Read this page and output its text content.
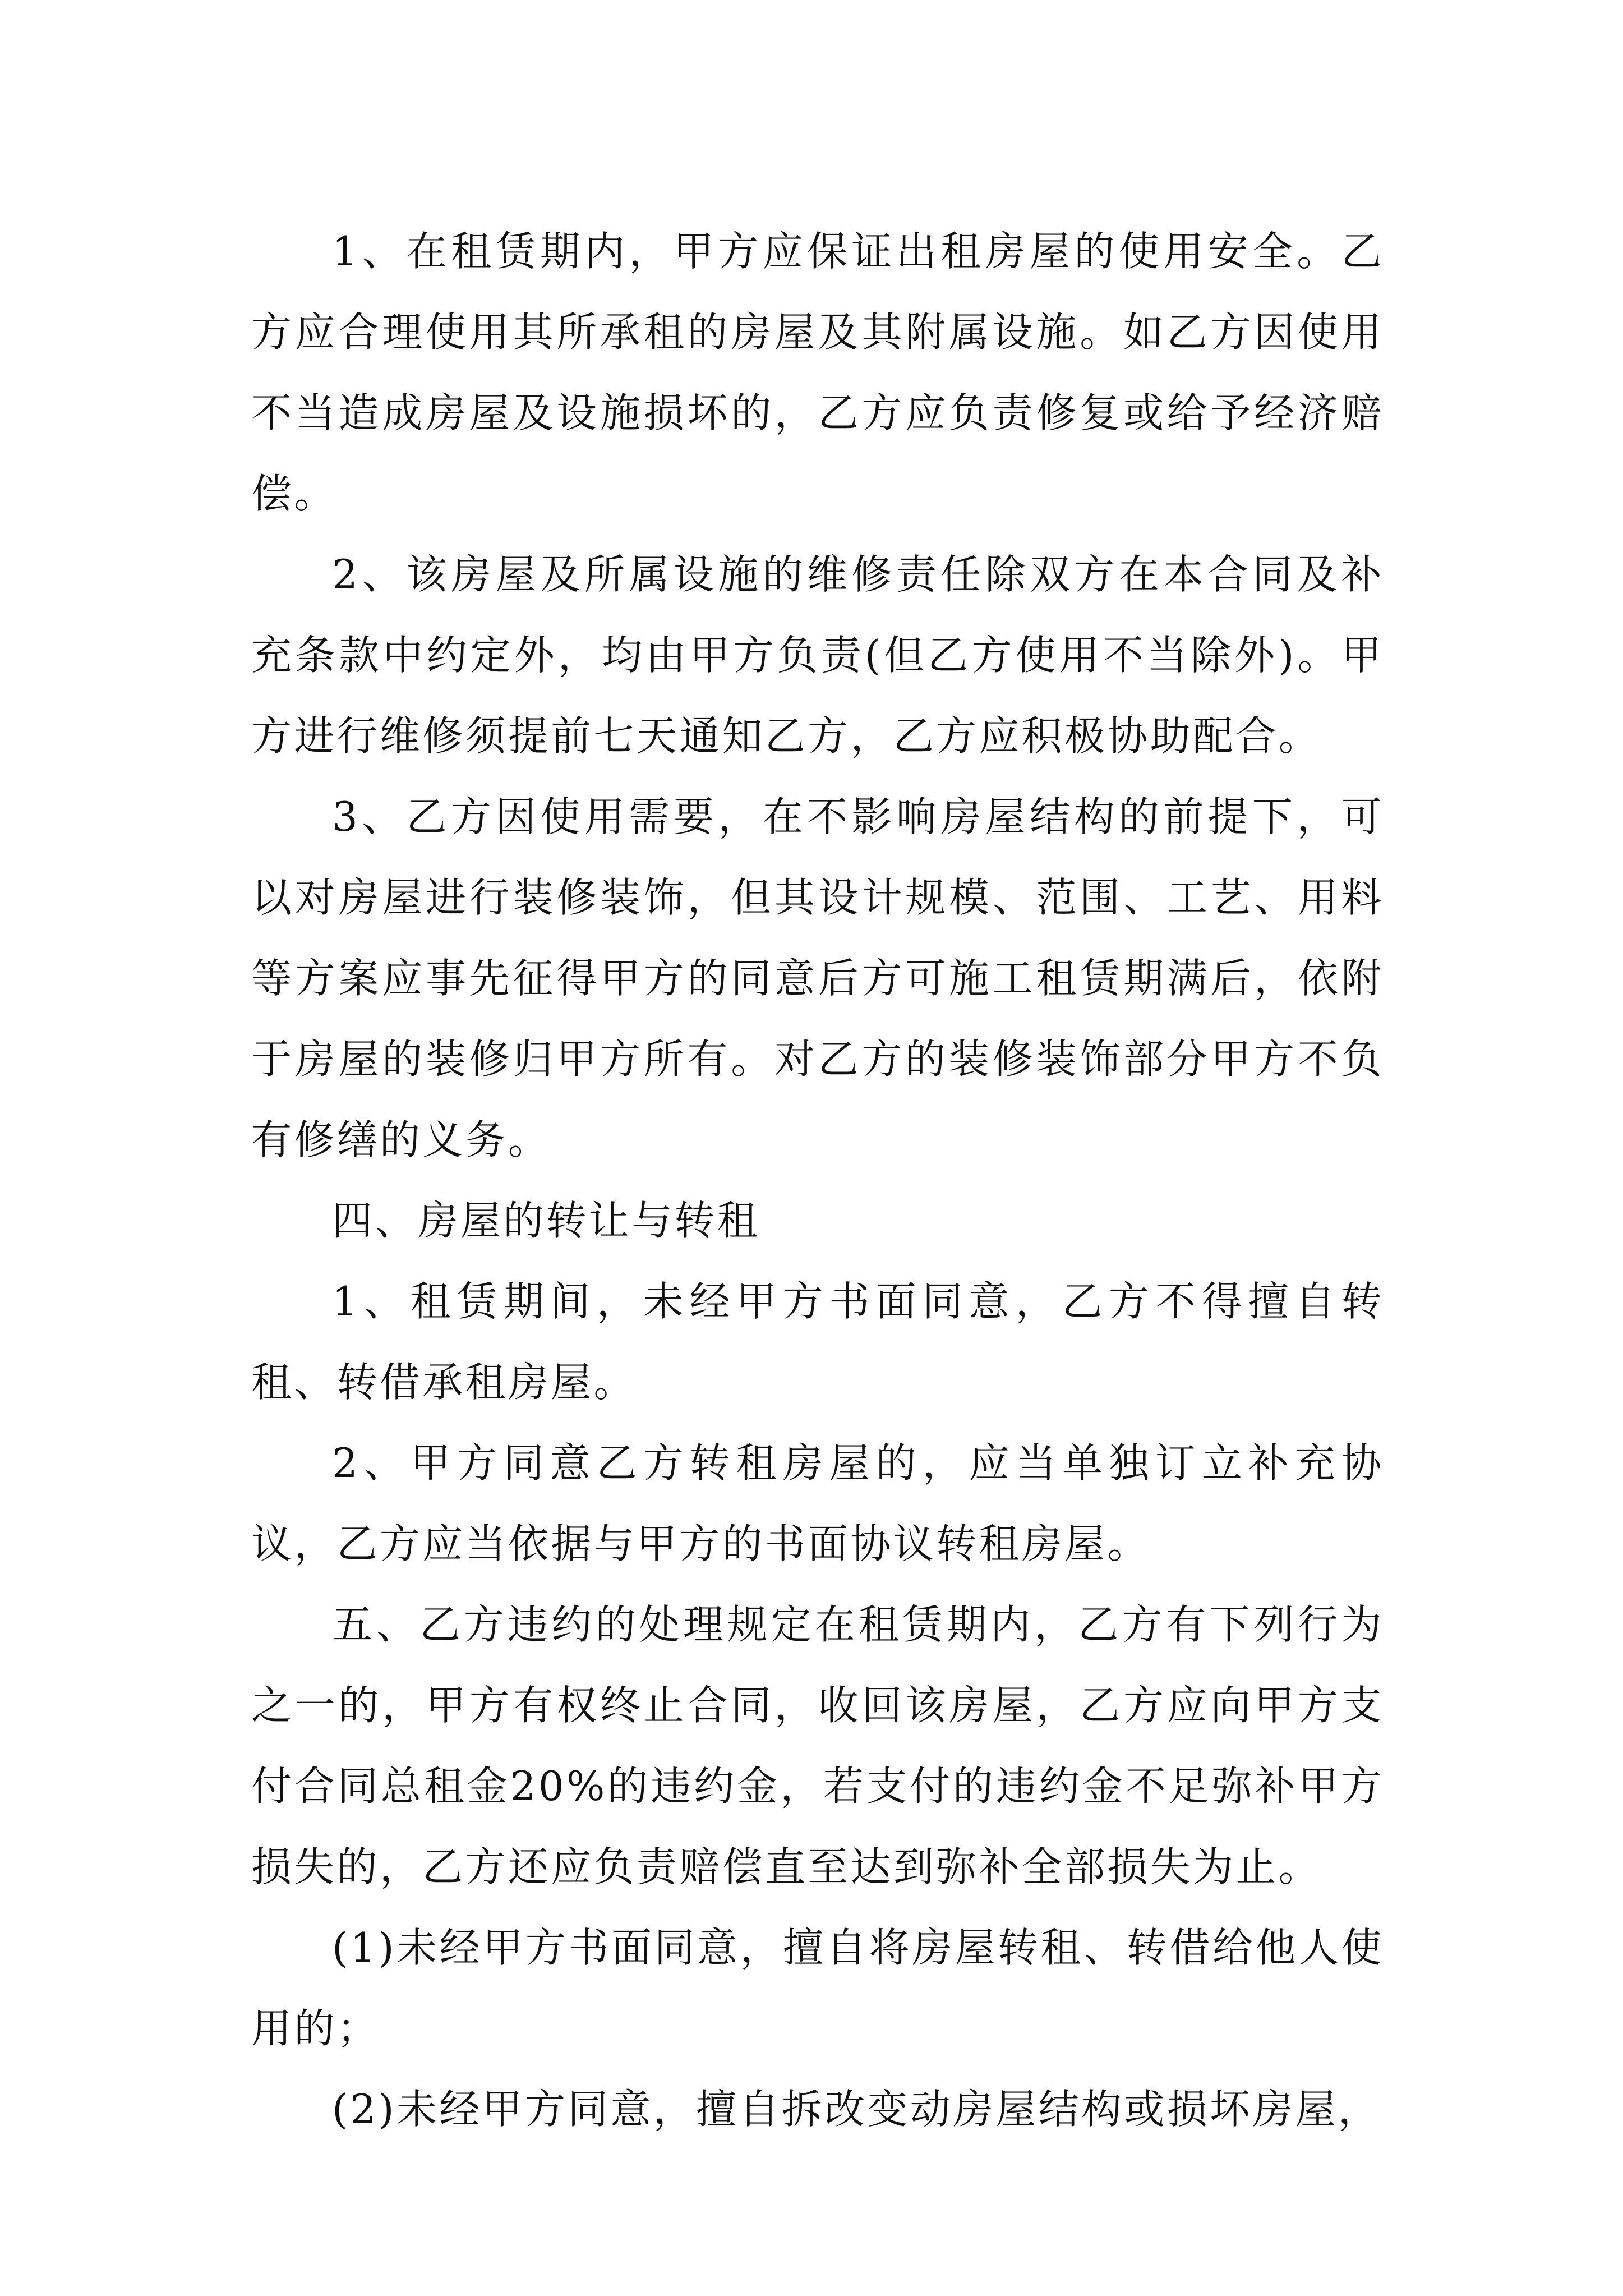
1、在租赁期内，甲方应保证出租房屋的使用安全。乙方应合理使用其所承租的房屋及其附属设施。如乙方因使用不当造成房屋及设施损坏的，乙方应负责修复或给予经济赔偿。

2、该房屋及所属设施的维修责任除双方在本合同及补充条款中约定外，均由甲方负责(但乙方使用不当除外)。甲方进行维修须提前七天通知乙方，乙方应积极协助配合。

3、乙方因使用需要，在不影响房屋结构的前提下，可以对房屋进行装修装饰，但其设计规模、范围、工艺、用料等方案应事先征得甲方的同意后方可施工租赁期满后，依附于房屋的装修归甲方所有。对乙方的装修装饰部分甲方不负有修缮的义务。

四、房屋的转让与转租

1、租赁期间，未经甲方书面同意，乙方不得擅自转租、转借承租房屋。

2、甲方同意乙方转租房屋的，应当单独订立补充协议，乙方应当依据与甲方的书面协议转租房屋。

五、乙方违约的处理规定在租赁期内，乙方有下列行为之一的，甲方有权终止合同，收回该房屋，乙方应向甲方支付合同总租金20%的违约金，若支付的违约金不足弥补甲方损失的，乙方还应负责赔偿直至达到弥补全部损失为止。

(1)未经甲方书面同意，擅自将房屋转租、转借给他人使用的；

(2)未经甲方同意，擅自拆改变动房屋结构或损坏房屋，
